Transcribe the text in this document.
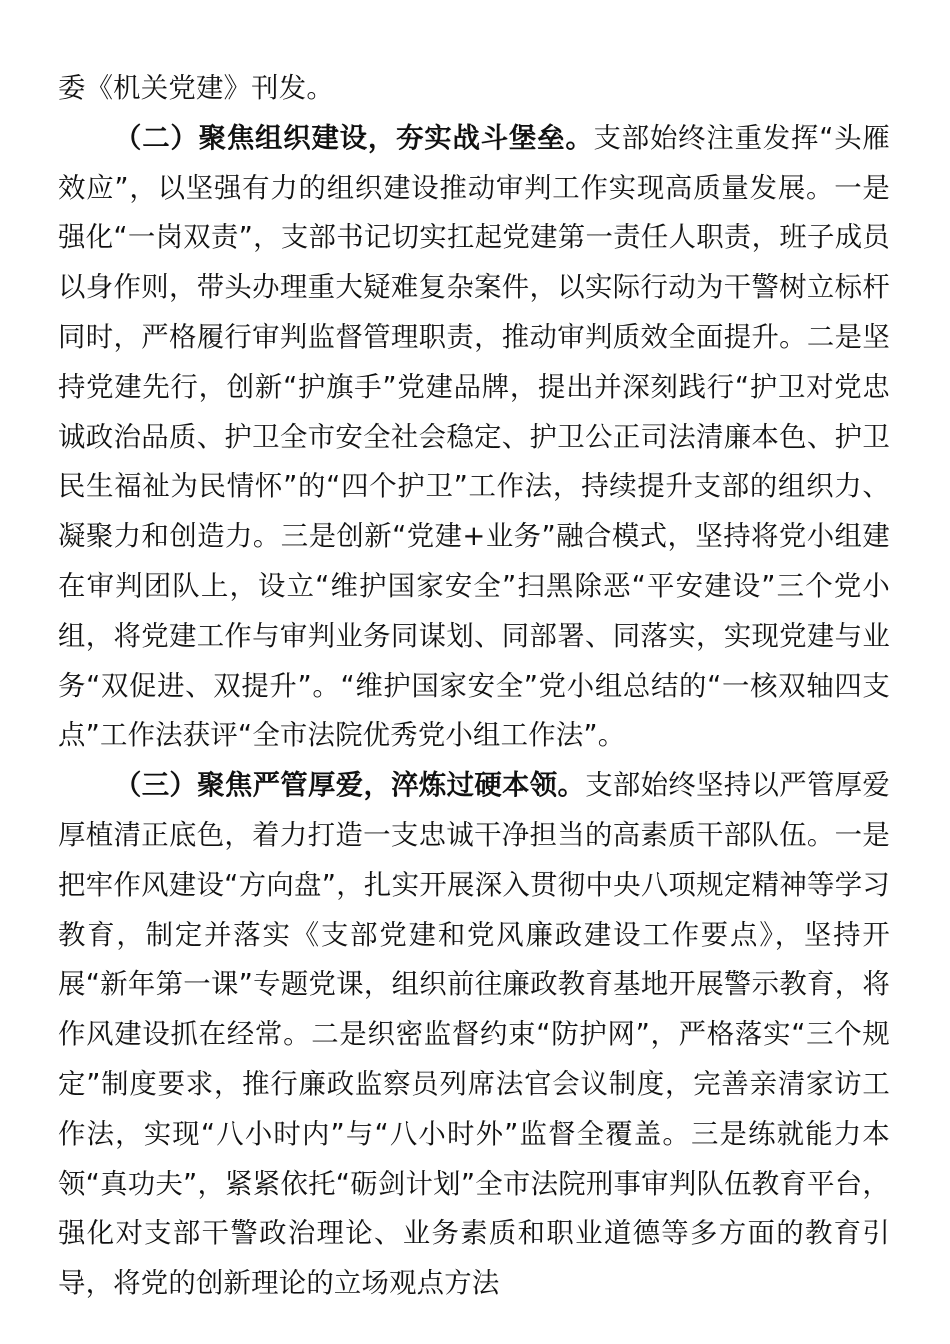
委《机关党建》刊发。

（二）聚焦组织建设，夯实战斗堡垒。支部始终注重发挥“头雁效应”，以坚强有力的组织建设推动审判工作实现高质量发展。一是强化“一岗双责”，支部书记切实扛起党建第一责任人职责，班子成员以身作则，带头办理重大疑难复杂案件，以实际行动为干警树立标杆同时，严格履行审判监督管理职责，推动审判质效全面提升。二是坚持党建先行，创新“护旗手”党建品牌，提出并深刻践行“护卫对党忠诚政治品质、护卫全市安全社会稳定、护卫公正司法清廉本色、护卫民生福祉为民情怀”的“四个护卫”工作法，持续提升支部的组织力、凝聚力和创造力。三是创新“党建+业务”融合模式，坚持将党小组建在审判团队上，设立“维护国家安全”扫黑除恶“平安建设”三个党小组，将党建工作与审判业务同谋划、同部署、同落实，实现党建与业务“双促进、双提升”。“维护国家安全”党小组总结的“一核双轴四支点”工作法获评“全市法院优秀党小组工作法”。

（三）聚焦严管厚爱，淬炼过硬本领。支部始终坚持以严管厚爱厚植清正底色，着力打造一支忠诚干净担当的高素质干部队伍。一是把牢作风建设“方向盘”，扎实开展深入贯彻中央八项规定精神等学习教育，制定并落实《支部党建和党风廉政建设工作要点》，坚持开展“新年第一课”专题党课，组织前往廉政教育基地开展警示教育，将作风建设抓在经常。二是织密监督约束“防护网”，严格落实“三个规定”制度要求，推行廉政监察员列席法官会议制度，完善亲清家访工作法，实现“八小时内”与“八小时外”监督全覆盖。三是练就能力本领“真功夫”，紧紧依托“砺剑计划”全市法院刑事审判队伍教育平台，强化对支部干警政治理论、业务素质和职业道德等多方面的教育引导，将党的创新理论的立场观点方法
